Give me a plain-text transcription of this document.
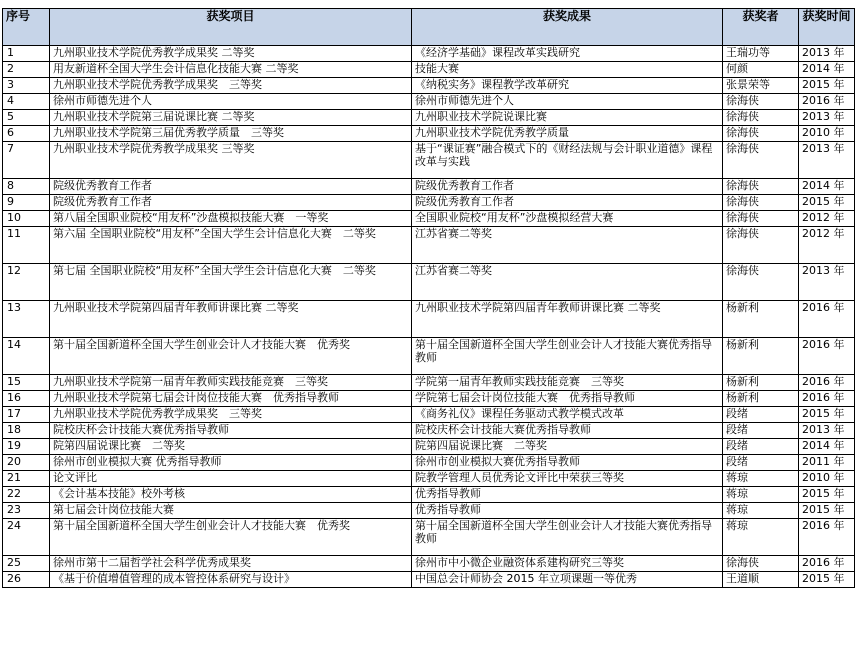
序号	获奖项目	获奖成果	获奖者	获奖时间
1	九州职业技术学院优秀教学成果奖 二等奖	《经济学基础》课程改革实践研究	王瑞功等	2013 年
2	用友新道杯全国大学生会计信息化技能大赛 二等奖	技能大赛	何颜	2014 年
3	九州职业技术学院优秀教学成果奖　三等奖	《纳税实务》课程教学改革研究	张景荣等	2015 年
4	徐州市师德先进个人	徐州市师德先进个人	徐海侠	2016 年
5	九州职业技术学院第三届说课比赛 二等奖	九州职业技术学院说课比赛	徐海侠	2013 年
6	九州职业技术学院第三届优秀教学质量　三等奖	九州职业技术学院优秀教学质量	徐海侠	2010 年
7	九州职业技术学院优秀教学成果奖 三等奖	基于“课证赛”融合模式下的《财经法规与会计职业道德》课程改革与实践	徐海侠	2013 年
8	院级优秀教育工作者	院级优秀教育工作者	徐海侠	2014 年
9	院级优秀教育工作者	院级优秀教育工作者	徐海侠	2015 年
10	第八届全国职业院校“用友杯”沙盘模拟技能大赛　一等奖	全国职业院校“用友杯”沙盘模拟经营大赛	徐海侠	2012 年
11	第六届 全国职业院校“用友杯”全国大学生会计信息化大赛　二等奖	江苏省赛二等奖	徐海侠	2012 年
12	第七届 全国职业院校“用友杯”全国大学生会计信息化大赛　二等奖	江苏省赛二等奖	徐海侠	2013 年
13	九州职业技术学院第四届青年教师讲课比赛 二等奖	九州职业技术学院第四届青年教师讲课比赛 二等奖	杨新利	2016 年
14	第十届全国新道杯全国大学生创业会计人才技能大赛　优秀奖	第十届全国新道杯全国大学生创业会计人才技能大赛优秀指导教师	杨新利	2016 年
15	九州职业技术学院第一届青年教师实践技能竞赛　三等奖	学院第一届青年教师实践技能竞赛　三等奖	杨新利	2016 年
16	九州职业技术学院第七届会计岗位技能大赛　优秀指导教师	学院第七届会计岗位技能大赛　优秀指导教师	杨新利	2016 年
17	九州职业技术学院优秀教学成果奖　三等奖	《商务礼仪》课程任务驱动式教学模式改革	段绪	2015 年
18	院校庆杯会计技能大赛优秀指导教师	院校庆杯会计技能大赛优秀指导教师	段绪	2013 年
19	院第四届说课比赛　二等奖	院第四届说课比赛　二等奖	段绪	2014 年
20	徐州市创业模拟大赛 优秀指导教师	徐州市创业模拟大赛优秀指导教师	段绪	2011 年
21	论文评比	院教学管理人员优秀论文评比中荣获三等奖	蒋琼	2010 年
22	《会计基本技能》校外考核	优秀指导教师	蒋琼	2015 年
23	第七届会计岗位技能大赛	优秀指导教师	蒋琼	2015 年
24	第十届全国新道杯全国大学生创业会计人才技能大赛　优秀奖	第十届全国新道杯全国大学生创业会计人才技能大赛优秀指导教师	蒋琼	2016 年
25	徐州市第十二届哲学社会科学优秀成果奖	徐州市中小微企业融资体系建构研究三等奖	徐海侠	2016 年
26	《基于价值增值管理的成本管控体系研究与设计》	中国总会计师协会 2015 年立项课题一等优秀	王道顺	2015 年
